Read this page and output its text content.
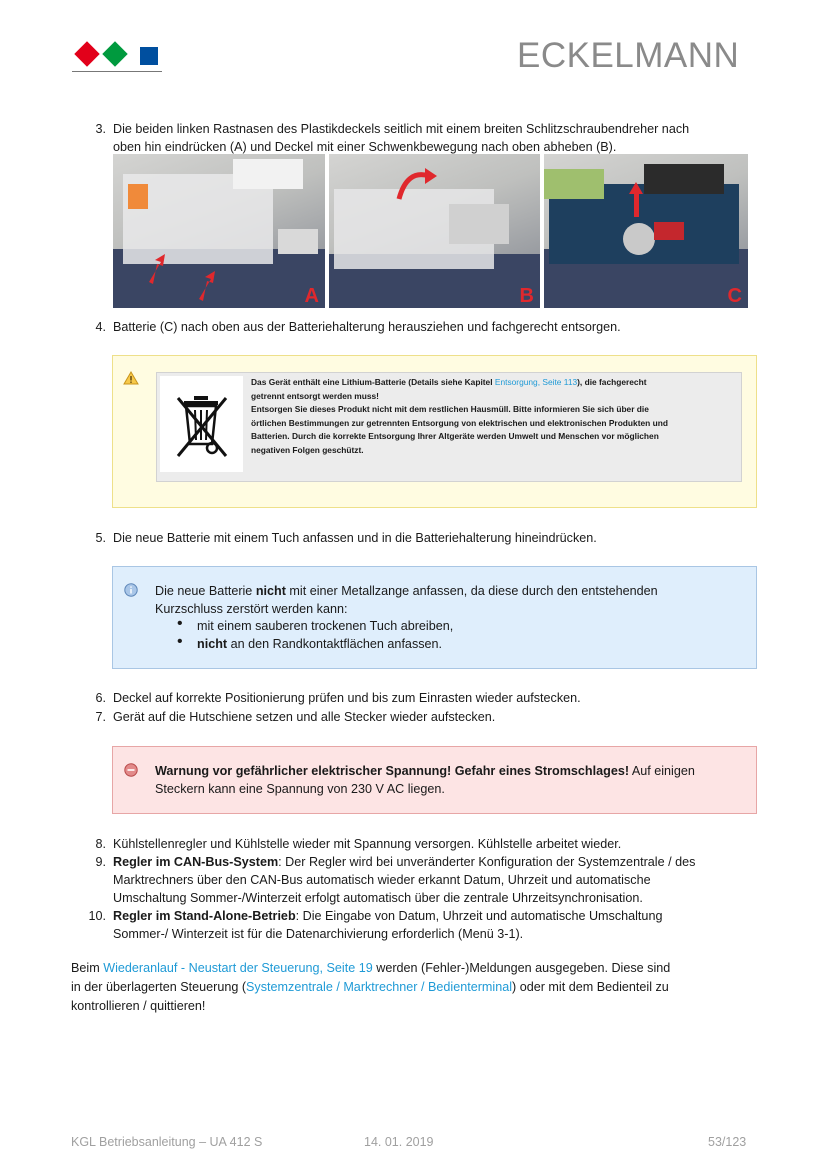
ECKELMANN
3. Die beiden linken Rastnasen des Plastikdeckels seitlich mit einem breiten Schlitzschraubendreher nach
oben hin eindrücken (A) und Deckel mit einer Schwenkbewegung nach oben abheben (B).
A	B	C
4. Batterie (C) nach oben aus der Batteriehalterung herausziehen und fachgerecht entsorgen.
Das Gerät enthält eine Lithium-Batterie (Details siehe Kapitel Entsorgung, Seite 113), die fachgerecht
getrennt entsorgt werden muss!
Entsorgen Sie dieses Produkt nicht mit dem restlichen Hausmüll. Bitte informieren Sie sich über die
örtlichen Bestimmungen zur getrennten Entsorgung von elektrischen und elektronischen Produkten und
Batterien. Durch die korrekte Entsorgung Ihrer Altgeräte werden Umwelt und Menschen vor möglichen
negativen Folgen geschützt.
5. Die neue Batterie mit einem Tuch anfassen und in die Batteriehalterung hineindrücken.
Die neue Batterie nicht mit einer Metallzange anfassen, da diese durch den entstehenden
Kurzschluss zerstört werden kann:
• mit einem sauberen trockenen Tuch abreiben,
• nicht an den Randkontaktflächen anfassen.
6. Deckel auf korrekte Positionierung prüfen und bis zum Einrasten wieder aufstecken.
7. Gerät auf die Hutschiene setzen und alle Stecker wieder aufstecken.
Warnung vor gefährlicher elektrischer Spannung! Gefahr eines Stromschlages! Auf einigen
Steckern kann eine Spannung von 230 V AC liegen.
8. Kühlstellenregler und Kühlstelle wieder mit Spannung versorgen. Kühlstelle arbeitet wieder.
9. Regler im CAN-Bus-System: Der Regler wird bei unveränderter Konfiguration der Systemzentrale / des
Marktrechners über den CAN-Bus automatisch wieder erkannt Datum, Uhrzeit und automatische
Umschaltung Sommer-/Winterzeit erfolgt automatisch über die zentrale Uhrzeitsynchronisation.
10. Regler im Stand-Alone-Betrieb: Die Eingabe von Datum, Uhrzeit und automatische Umschaltung
Sommer-/ Winterzeit ist für die Datenarchivierung erforderlich (Menü 3-1).
Beim Wiederanlauf - Neustart der Steuerung, Seite 19 werden (Fehler-)Meldungen ausgegeben. Diese sind
in der überlagerten Steuerung (Systemzentrale / Marktrechner / Bedienterminal) oder mit dem Bedienteil zu
kontrollieren / quittieren!
KGL Betriebsanleitung – UA 412 S	14. 01. 2019	53/123
